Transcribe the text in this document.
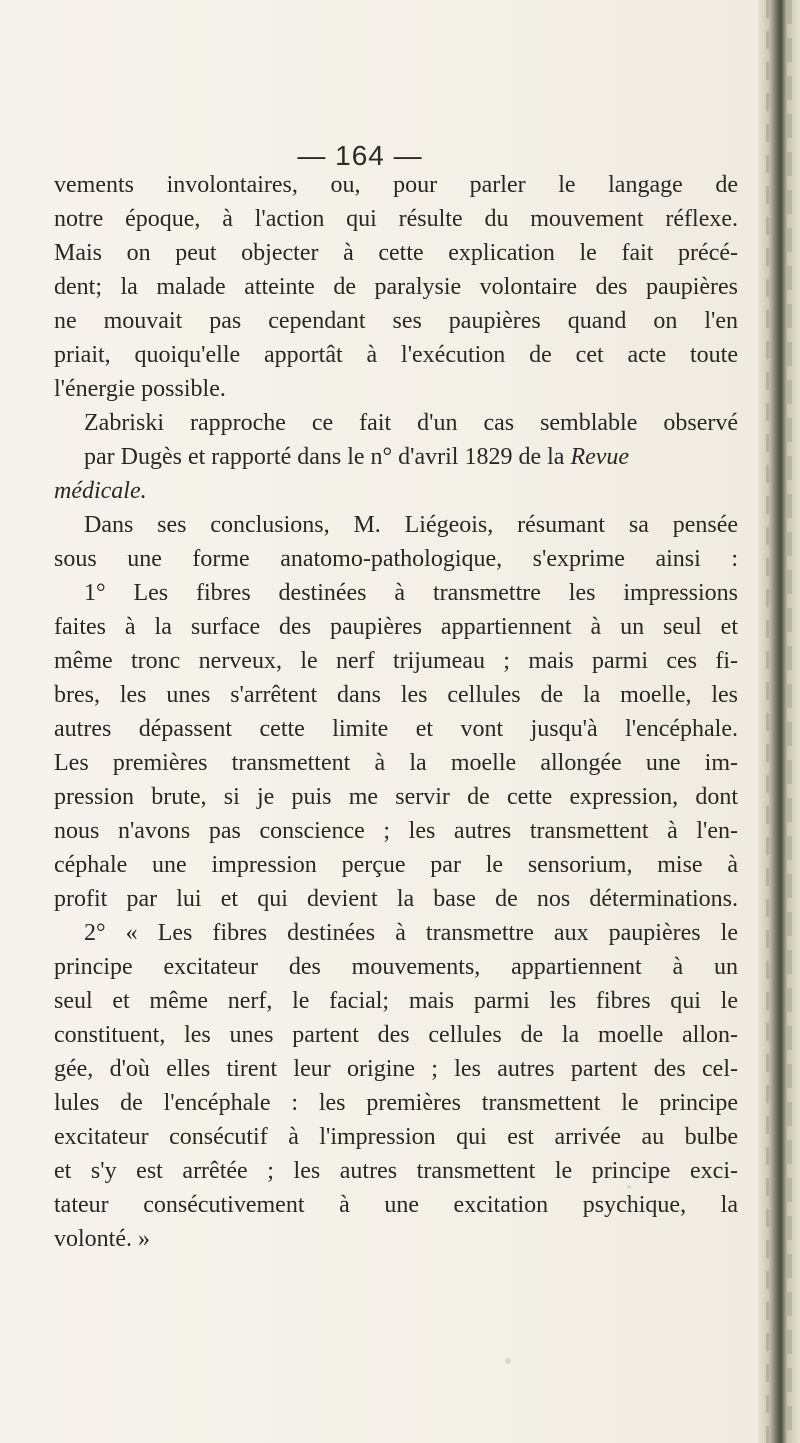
— 164 —
vements involontaires, ou, pour parler le langage de
notre époque, à l'action qui résulte du mouvement réflexe.
Mais on peut objecter à cette explication le fait précé-
dent; la malade atteinte de paralysie volontaire des paupières
ne mouvait pas cependant ses paupières quand on l'en
priait, quoiqu'elle apportât à l'exécution de cet acte toute
l'énergie possible.
Zabriski rapproche ce fait d'un cas semblable observé
par Dugès et rapporté dans le n° d'avril 1829 de la Revue
médicale.
Dans ses conclusions, M. Liégeois, résumant sa pensée
sous une forme anatomo-pathologique, s'exprime ainsi :
1° Les fibres destinées à transmettre les impressions
faites à la surface des paupières appartiennent à un seul et
même tronc nerveux, le nerf trijumeau ; mais parmi ces fi-
bres, les unes s'arrêtent dans les cellules de la moelle, les
autres dépassent cette limite et vont jusqu'à l'encéphale.
Les premières transmettent à la moelle allongée une im-
pression brute, si je puis me servir de cette expression, dont
nous n'avons pas conscience ; les autres transmettent à l'en-
céphale une impression perçue par le sensorium, mise à
profit par lui et qui devient la base de nos déterminations.
2° « Les fibres destinées à transmettre aux paupières le
principe excitateur des mouvements, appartiennent à un
seul et même nerf, le facial; mais parmi les fibres qui le
constituent, les unes partent des cellules de la moelle allon-
gée, d'où elles tirent leur origine ; les autres partent des cel-
lules de l'encéphale : les premières transmettent le principe
excitateur consécutif à l'impression qui est arrivée au bulbe
et s'y est arrêtée ; les autres transmettent le principe exci-
tateur consécutivement à une excitation psychique, la
volonté. »
